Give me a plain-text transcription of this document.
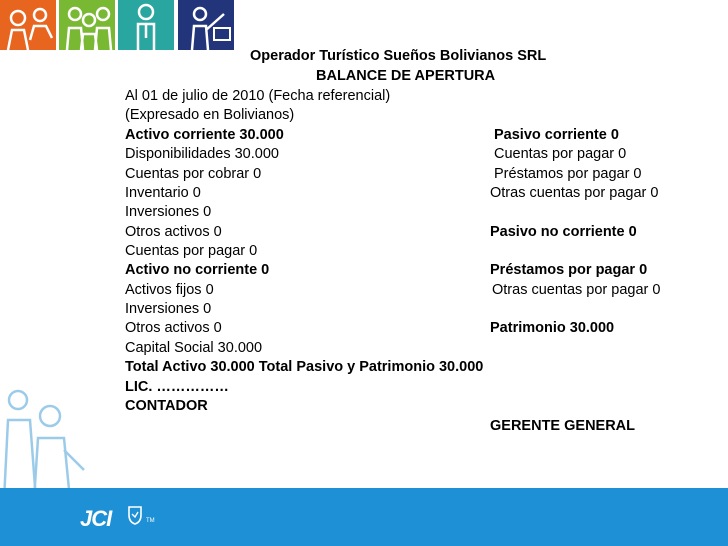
Operador Turístico Sueños Bolivianos SRL
BALANCE DE APERTURA
Al 01 de julio de 2010 (Fecha referencial)
(Expresado en Bolivianos)
Activo corriente 30.000
Disponibilidades 30.000
Cuentas por cobrar 0
Inventario 0
Inversiones 0
Otros activos 0
Cuentas por pagar 0
Activo no corriente 0
Activos fijos 0
Inversiones 0
Otros activos 0
Capital Social 30.000
Pasivo corriente 0
Cuentas por pagar 0
Préstamos por pagar 0
Otras cuentas por pagar 0
Pasivo no corriente 0
Préstamos por pagar 0
Otras cuentas por pagar 0
Patrimonio 30.000
Total Activo 30.000 Total Pasivo y Patrimonio 30.000
LIC. ……………
CONTADOR
GERENTE GENERAL
JCI	TM
